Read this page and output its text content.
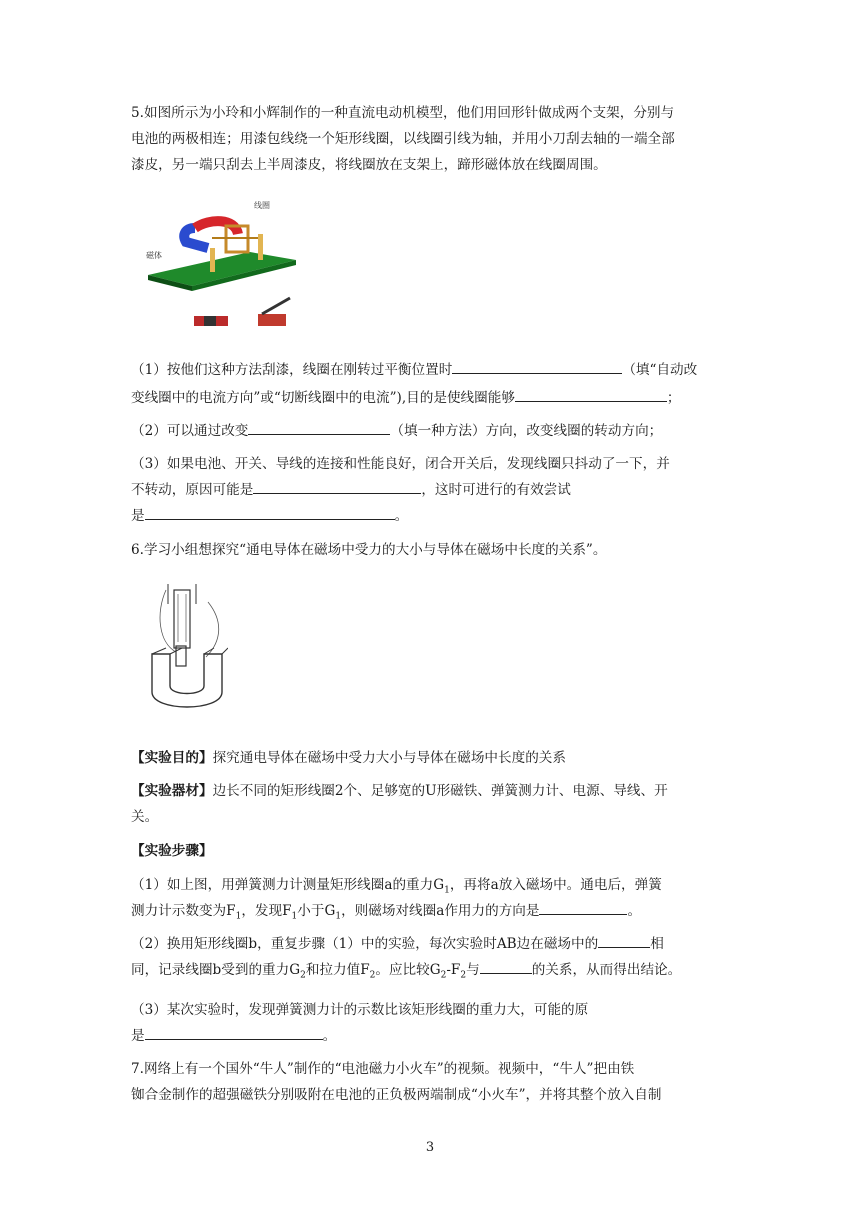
5.如图所示为小玲和小辉制作的一种直流电动机模型，他们用回形针做成两个支架，分别与
电池的两极相连；用漆包线绕一个矩形线圈，以线圈引线为轴，并用小刀刮去轴的一端全部
漆皮，另一端只刮去上半周漆皮，将线圈放在支架上，蹄形磁体放在线圈周围。
线圈
磁体
（1）按他们这种方法刮漆，线圈在刚转过平衡位置时	（填“自动改
变线圈中的电流方向”或“切断线圈中的电流”),目的是使线圈能够	；
（2）可以通过改变	（填一种方法）方向，改变线圈的转动方向；
（3）如果电池、开关、导线的连接和性能良好，闭合开关后，发现线圈只抖动了一下，并
不转动，原因可能是	，这时可进行的有效尝试
是	。
6.学习小组想探究“通电导体在磁场中受力的大小与导体在磁场中长度的关系”。
【实验目的】探究通电导体在磁场中受力大小与导体在磁场中长度的关系
【实验器材】边长不同的矩形线圈2个、足够宽的U形磁铁、弹簧测力计、电源、导线、开
关。
【实验步骤】
（1）如上图，用弹簧测力计测量矩形线圈a的重力$G_1$，再将a放入磁场中。通电后，弹簧
测力计示数变为$F_1$，发现$F_1$小于$G_1$，则磁场对线圈a作用力的方向是	。
（2）换用矩形线圈b，重复步骤（1）中的实验，每次实验时AB边在磁场中的	相
同，记录线圈b受到的重力$G_2$和拉力值$F_2$。应比较$G_2-F_2$与	的关系，从而得出结论。
（3）某次实验时，发现弹簧测力计的示数比该矩形线圈的重力大，可能的原
是	。
7.网络上有一个国外“牛人”制作的“电池磁力小火车”的视频。视频中，“牛人”把由铁
铷合金制作的超强磁铁分别吸附在电池的正负极两端制成“小火车”，并将其整个放入自制
3
